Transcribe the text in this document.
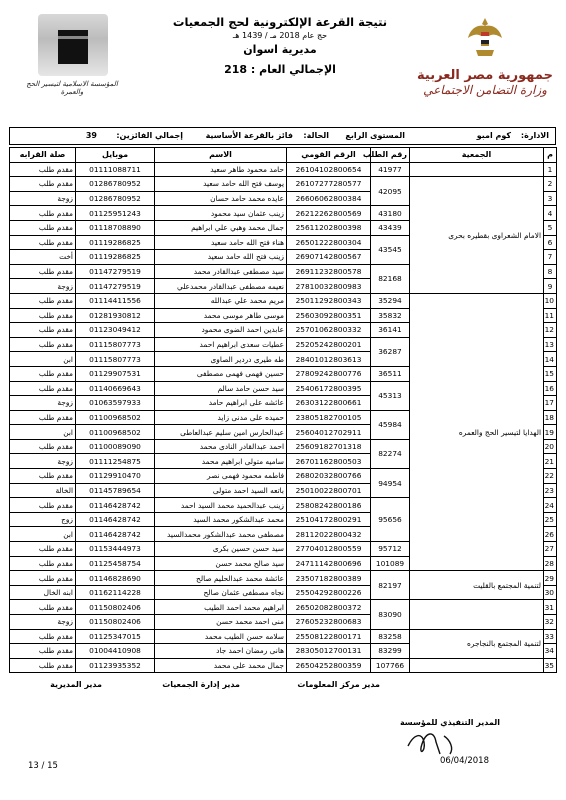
المؤسسة الاسلامية لتيسير الحج والعمرة
نتيجة القرعة الإلكترونية لحج الجمعيات
حج عام 2018 مـ / 1439 هـ
مديرية اسوان
الإجمالي العام : 218	جمهورية مصر العربية
وزارة التضامن الاجتماعي
الادارة:
كوم امبو
المستوى الرابع
الحالة:
فائز بالقرعة الأساسية
إجمالي الفائزين:
39
م	الجمعية	رقم الطلب	الرقم القومي	الاسم	موبايل	صلة القرابه
1		41977	26104102800654	حامد محمود طاهر سعيد	01111088711	مقدم طلب
2	الامام الشعراوى بقطيره بحرى	42095	26107277280577	يوسف فتح الله حامد سعيد	01286780952	مقدم طلب
3			26606062800384	عايده محمد حامد حسان	01286780952	زوجة
4		43180	26212262800569	زينب عثمان سيد محمود	01125951243	مقدم طلب
5		43439	25611202800398	جمال محمد وهبي علي ابراهيم	01118708890	مقدم طلب
6		43545	26501222800304	هناء فتح الله حامد سعيد	01119286825	مقدم طلب
7			26907142800567	زينب فتح الله حامد سعيد	01119286825	أخت
8		82168	26911232800578	سيد مصطفى عبدالقادر محمد	01147279519	مقدم طلب
9			27810032800983	نعيمه مصطفى عبدالقادر محمدعلي	01147279519	زوجة
10	الهدايا لتيسير الحج والعمره	35294	25011292800343	مريم محمد علي عبدالله	01114411556	مقدم طلب
11		35832	25603092800351	موسى طاهر موسى محمد	01281930812	مقدم طلب
12		36141	25701062800332	عابدين احمد الضوى محمود	01123049412	مقدم طلب
13		36287	25205242800201	عطيات سعدى ابراهيم احمد	01115807773	مقدم طلب
14			28401012803613	طه طيرى دردير الصاوى	01115807773	ابن
15		36511	27809242800776	حسين فهمى فهمى مصطفى	01129907531	مقدم طلب
16		45313	25406172800395	سيد حسن حامد سالم	01140669643	مقدم طلب
17			26303122800661	عائشه على ابراهيم حامد	01063597933	زوجة
18		45984	23805182700105	حميده على مدنى زايد	01100968502	مقدم طلب
19			25604012702911	عبدالحارس امين سليم عبدالعاطى	01100968502	ابن
20		82274	25609182701318	احمد عبدالقادر النادى محمد	01100089090	مقدم طلب
21			26701162800503	ساميه متولى ابراهيم محمد	01111254875	زوجة
22		94954	26802032800766	فاطمه محمود فهمى نصر	01129910470	مقدم طلب
23			25010022800701	باتعه السيد احمد متولى	01145789654	الخالة
24		95656	25808242800186	زينب عبدالحميد محمد السيد احمد	01146428742	مقدم طلب
25			25104172800291	محمد عبدالشكور محمد السيد	01146428742	زوج
26			28112022800432	مصطفى محمد عبدالشكور محمدالسيد	01146428742	ابن
27		95712	27704012800559	سيد حسن حسين بكرى	01153444973	مقدم طلب
28		101089	24711142800696	سيد صالح محمد حسن	01125458754	مقدم طلب
29	لتنمية المجتمع بالقليت	82197	23507182800389	عائشة محمد عبدالحليم صالح	01146828690	مقدم طلب
30			25504292800226	نجاه مصطفى عثمان صالح	01162114228	ابنه الخال
31		83090	26502082800372	ابراهيم محمد احمد الطيب	01150802406	مقدم طلب
32			27605232800683	منى احمد محمد حسن	01150802406	زوجة
33	لتنمية المجتمع بالنجاجره	83258	25508122800171	سلامه حسن الطيب محمد	01125347015	مقدم طلب
34		83299	28305012700131	هانى رمضان احمد جاد	01004410908	مقدم طلب
35		107766	26504252800359	جمال محمد على محمد	01123935352	مقدم طلب
مدير مركز المعلومات
مدير إدارة الجمعيات
مدير المديرية
المدير التنفيذي للمؤسسة
13 / 15	06/04/2018
